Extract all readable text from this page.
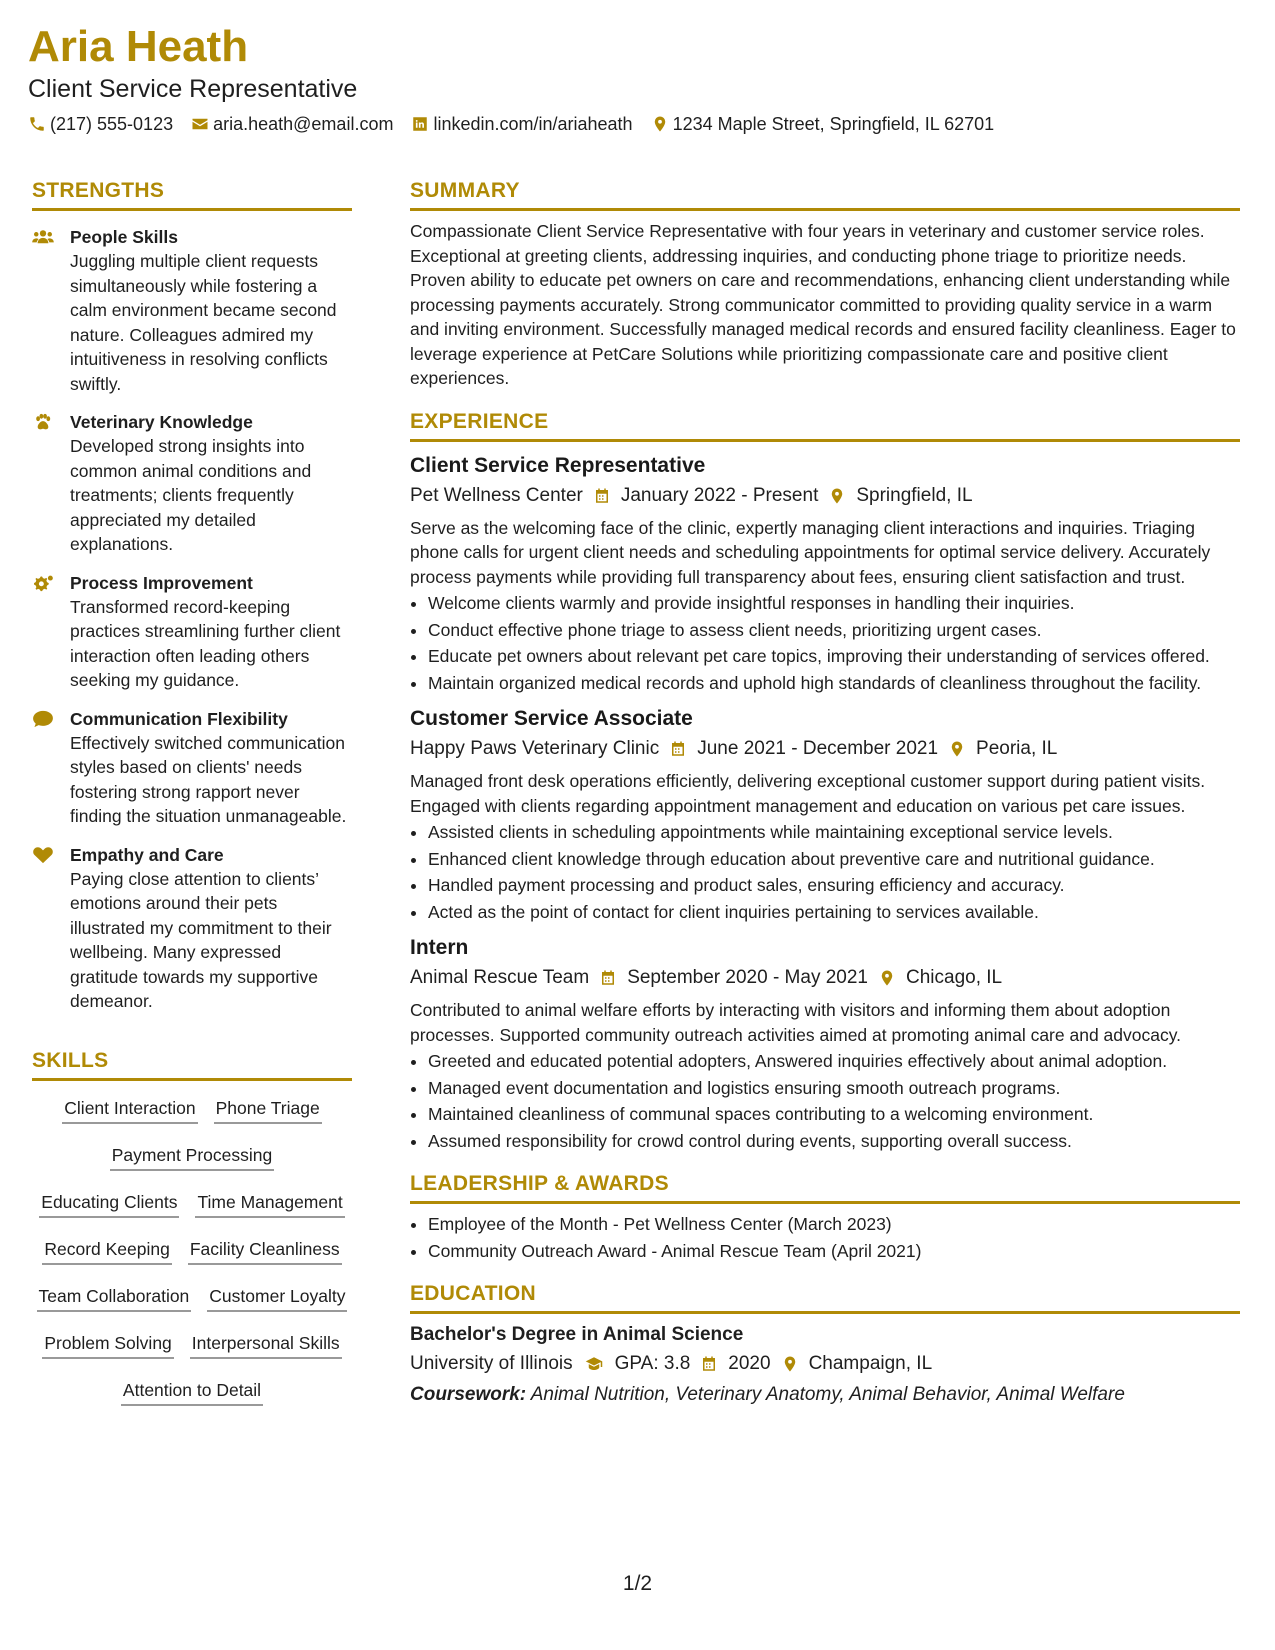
Aria Heath
Client Service Representative
(217) 555-0123 aria.heath@email.com linkedin.com/in/ariaheath 1234 Maple Street, Springfield, IL 62701
STRENGTHS
People Skills
Juggling multiple client requests simultaneously while fostering a calm environment became second nature. Colleagues admired my intuitiveness in resolving conflicts swiftly.
Veterinary Knowledge
Developed strong insights into common animal conditions and treatments; clients frequently appreciated my detailed explanations.
Process Improvement
Transformed record-keeping practices streamlining further client interaction often leading others seeking my guidance.
Communication Flexibility
Effectively switched communication styles based on clients' needs fostering strong rapport never finding the situation unmanageable.
Empathy and Care
Paying close attention to clients’ emotions around their pets illustrated my commitment to their wellbeing. Many expressed gratitude towards my supportive demeanor.
SKILLS
Client Interaction Phone Triage
Payment Processing
Educating Clients Time Management
Record Keeping Facility Cleanliness
Team Collaboration Customer Loyalty
Problem Solving Interpersonal Skills
Attention to Detail
SUMMARY
Compassionate Client Service Representative with four years in veterinary and customer service roles. Exceptional at greeting clients, addressing inquiries, and conducting phone triage to prioritize needs. Proven ability to educate pet owners on care and recommendations, enhancing client understanding while processing payments accurately. Strong communicator committed to providing quality service in a warm and inviting environment. Successfully managed medical records and ensured facility cleanliness. Eager to leverage experience at PetCare Solutions while prioritizing compassionate care and positive client experiences.
EXPERIENCE
Client Service Representative
Pet Wellness Center January 2022 - Present Springfield, IL
Serve as the welcoming face of the clinic, expertly managing client interactions and inquiries. Triaging phone calls for urgent client needs and scheduling appointments for optimal service delivery. Accurately process payments while providing full transparency about fees, ensuring client satisfaction and trust.
• Welcome clients warmly and provide insightful responses in handling their inquiries.
• Conduct effective phone triage to assess client needs, prioritizing urgent cases.
• Educate pet owners about relevant pet care topics, improving their understanding of services offered.
• Maintain organized medical records and uphold high standards of cleanliness throughout the facility.
Customer Service Associate
Happy Paws Veterinary Clinic June 2021 - December 2021 Peoria, IL
Managed front desk operations efficiently, delivering exceptional customer support during patient visits. Engaged with clients regarding appointment management and education on various pet care issues.
• Assisted clients in scheduling appointments while maintaining exceptional service levels.
• Enhanced client knowledge through education about preventive care and nutritional guidance.
• Handled payment processing and product sales, ensuring efficiency and accuracy.
• Acted as the point of contact for client inquiries pertaining to services available.
Intern
Animal Rescue Team September 2020 - May 2021 Chicago, IL
Contributed to animal welfare efforts by interacting with visitors and informing them about adoption processes. Supported community outreach activities aimed at promoting animal care and advocacy.
• Greeted and educated potential adopters, Answered inquiries effectively about animal adoption.
• Managed event documentation and logistics ensuring smooth outreach programs.
• Maintained cleanliness of communal spaces contributing to a welcoming environment.
• Assumed responsibility for crowd control during events, supporting overall success.
LEADERSHIP & AWARDS
• Employee of the Month - Pet Wellness Center (March 2023)
• Community Outreach Award - Animal Rescue Team (April 2021)
EDUCATION
Bachelor's Degree in Animal Science
University of Illinois GPA: 3.8 2020 Champaign, IL
Coursework: Animal Nutrition, Veterinary Anatomy, Animal Behavior, Animal Welfare
1/2
